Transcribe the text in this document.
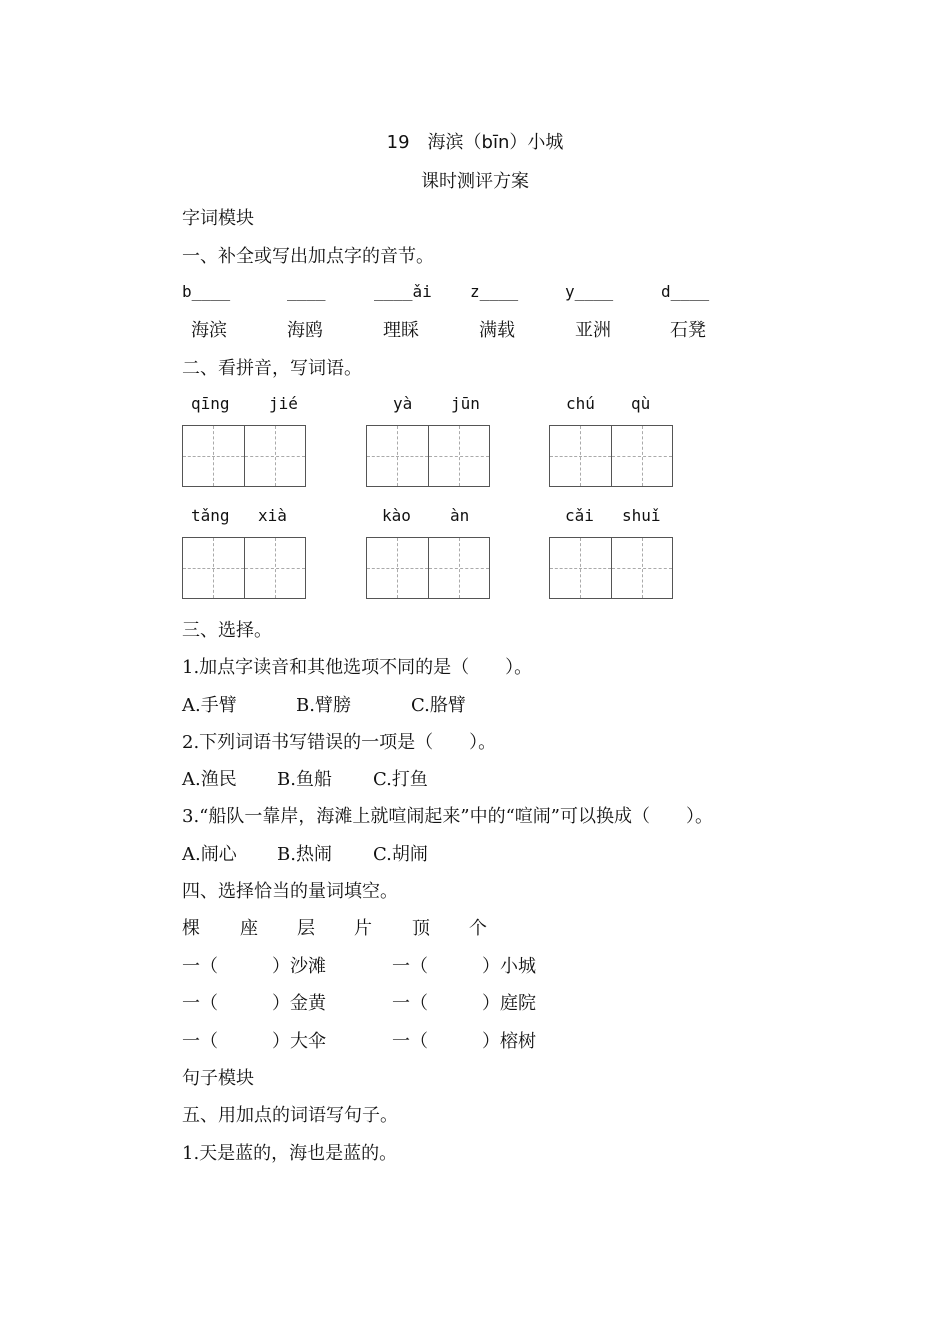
19　海滨（bīn）小城
课时测评方案
字词模块
一、补全或写出加点字的音节。
b____	____	____ǎi z____	y____	d____
海滨	海鸥	理睬	满载	亚洲	石凳
二、看拼音，写词语。
qīng jié	yà jūn	chú qù
tǎng xià	kào àn	cǎi shuǐ
三、选择。
1.加点字读音和其他选项不同的是（　　）。
A.手臂	B.臂膀	C.胳臂
2.下列词语书写错误的一项是（　　）。
A.渔民 B.鱼船 C.打鱼
3.“船队一靠岸，海滩上就喧闹起来”中的“喧闹”可以换成（　　）。
A.闹心 B.热闹 C.胡闹
四、选择恰当的量词填空。
棵 座 层 片 顶 个
一（　　　）沙滩	一（　　　）小城
一（　　　）金黄	一（　　　）庭院
一（　　　）大伞	一（　　　）榕树
句子模块
五、用加点的词语写句子。
1.天是蓝的，海也是蓝的。
